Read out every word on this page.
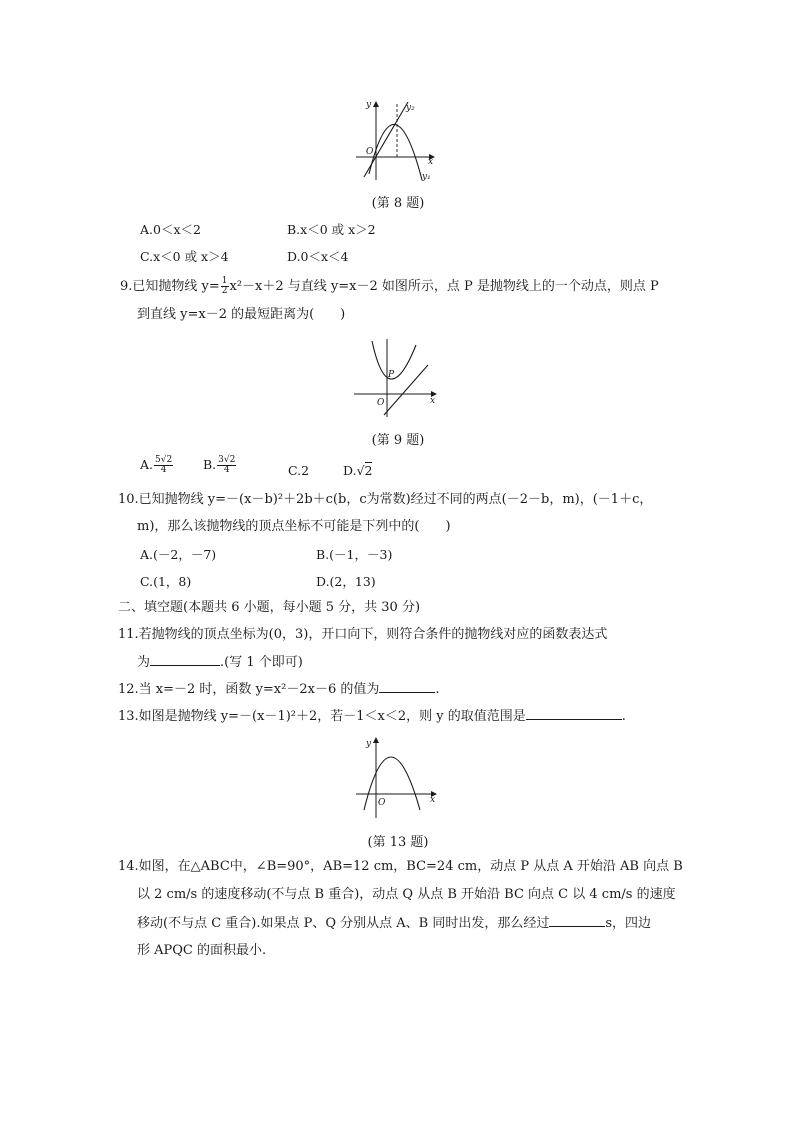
y	y₂
O
x
y₁
(第 8 题)
A.0＜x＜2	B.x＜0 或 x＞2
C.x＜0 或 x＞4	D.0＜x＜4
9.已知抛物线 $y= \frac{1}{2} x^2-x+2$ 与直线 y=x－2 如图所示，点 P 是抛物线上的一个动点，则点 P
到直线 y=x－2 的最短距离为(　　)
P
O	x
(第 9 题)
A. $\frac{5√2}{4} B$. $\frac{3√2}{4}$	C.2	D.√2
10.已知抛物线 y=－(x－b)²＋2b＋c(b，c为常数)经过不同的两点(－2－b，m)，(－1＋c，
m)，那么该抛物线的顶点坐标不可能是下列中的(　　)
A.(－2，－7)	B.(－1，－3)
C.(1，8)	D.(2，13)
二、填空题(本题共 6 小题，每小题 5 分，共 30 分)
11.若抛物线的顶点坐标为(0，3)，开口向下，则符合条件的抛物线对应的函数表达式
为	.(写 1 个即可)
12.当 x=－2 时，函数 y=x²－2x－6 的值为	.
13.如图是抛物线 y=－(x－1)²＋2，若－1＜x＜2，则 y 的取值范围是	.
y
O	x
(第 13 题)
14.如图，在△ABC中，∠B=90°，AB=12 cm，BC=24 cm，动点 P 从点 A 开始沿 AB 向点 B
以 2 cm/s 的速度移动(不与点 B 重合)，动点 Q 从点 B 开始沿 BC 向点 C 以 4 cm/s 的速度
移动(不与点 C 重合).如果点 P、Q 分别从点 A、B 同时出发，那么经过	s，四边
形 APQC 的面积最小.
